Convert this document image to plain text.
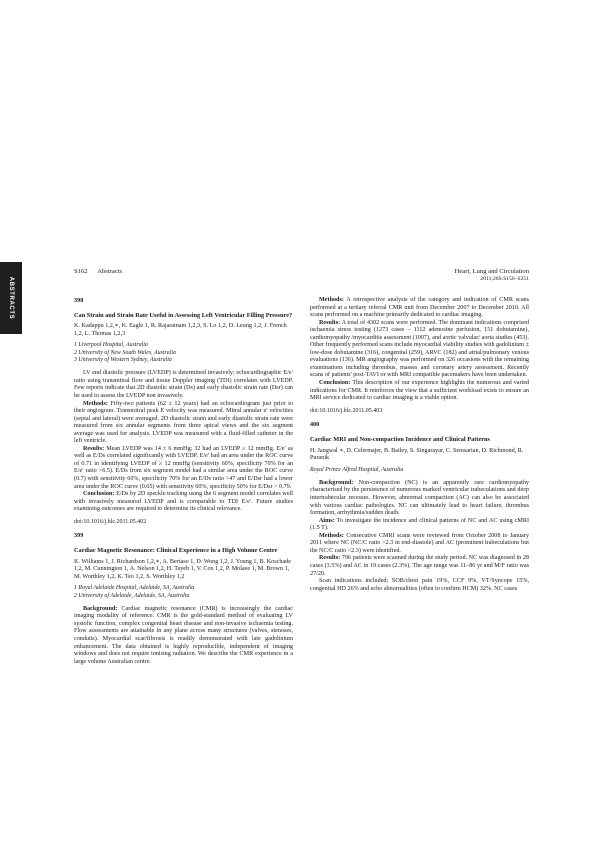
ABSTRACTS
S162 Abstracts	Heart, Lung and Circulation
2011;20S:S156–S251
398
Can Strain and Strain Rate Useful in Assessing Left Ventricular Filling Pressure?
K. Kadappu 1,2,∗, K. Eagle 1, R. Rajaratnam 1,2,3, S. Lo 1,2, D. Leung 1,2, J. French 1,2, L. Thomas 1,2,3

1 Liverpool Hospital, Australia

2 University of New South Wales, Australia

3 University of Western Sydney, Australia

LV end diastolic pressure (LVEDP) is determined invasively; echocardiographic E/e′ ratio using transmitral flow and tissue Doppler imaging (TDI) correlates with LVEDP. Few reports indicate that 2D diastolic strain (Ds) and early diastolic strain rate (Dsr) can be used to assess the LVEDP non invasively.

Methods: Fifty-two patients (62 ± 12 years) had an echocardiogram just prior to their angiogram. Transmitral peak E velocity was measured. Mitral annular e′ velocities (septal and lateral) were averaged. 2D diastolic strain and early diastolic strain rate were measured from six annular segments from three apical views and the six segment average was used for analysis. LVEDP was measured with a fluid-filled catheter in the left ventricle.

Results: Mean LVEDP was 14 ± 6 mmHg; 32 had an LVEDP ≥ 12 mmHg. E/e′ as well as E/Ds correlated significantly with LVEDP. E/e′ had an area under the ROC curve of 0.71 in identifying LVEDP of ≥ 12 mmHg (sensitivity 60%, specificity 70% for an E/e′ ratio >6.5). E/Ds from six segment model had a similar area under the ROC curve (0.7) with sensitivity 60%, specificity 70% for an E/Ds ratio >47 and E/Dsr had a lower area under the ROC curve (0.65) with sensitivity 60%, specificity 50% for E/Dsr > 0.79.

Conclusion: E/Ds by 2D speckle tracking using the 6 segment model correlates well with invasively measured LVEDP and is comparable to TDI E/e′. Future studies examining outcomes are required to determine its clinical relevance.

doi:10.1016/j.hlc.2011.05.402
399
Cardiac Magnetic Resonance: Clinical Experience in a High Volume Centre
K. Williams 1, J. Richardson 1,2,∗, A. Bertaso 1, D. Wong 1,2, J. Young 1, B. Koschade 1,2, M. Cunnington 1, A. Nelson 1,2, H. Tayeb 1, V. Cox 1,2, P. Molaee 1, M. Brown 1, M. Worthley 1,2, K. Teo 1,2, S. Worthley 1,2

1 Royal Adelaide Hospital, Adelaide, SA, Australia

2 University of Adelaide, Adelaide, SA, Australia

Background: Cardiac magnetic resonance (CMR) is increasingly the cardiac imaging modality of reference. CMR is the gold-standard method of evaluating LV systolic function, complex congenital heart disease and non-invasive ischaemia testing. Flow assessments are attainable in any plane across many structures (valves, stenoses, conduits). Myocardial scar/fibrosis is readily demonstrated with late gadolinium enhancement. The data obtained is highly reproducible, independent of imaging windows and does not require ionising radiation. We describe the CMR experience in a large volume Australian centre.

Methods: A retrospective analysis of the category and indication of CMR scans performed at a tertiary referral CMR unit from December 2007 to December 2010. All scans performed on a machine primarily dedicated to cardiac imaging.

Results: A total of 4302 scans were performed. The dominant indications comprised ischaemia stress testing (1273 cases – 1112 adenosine perfusion, 151 dobutamine), cardiomyopathy /myocarditis assessment (1007), and aortic valvular/ aorta studies (453). Other frequently performed scans include myocardial viability studies with gadolinium ± low-dose dobutamine (316), congenital (259), ARVC (182) and atrial/pulmonary venous evaluations (136). MR angiography was performed on 326 occasions with the remaining examinations including thrombus, masses and coronary artery assessment. Recently scans of patients' post-TAVI or with MRI compatible pacemakers have been undertaken.

Conclusion: This description of our experience highlights the numerous and varied indications for CMR. It reinforces the view that a sufficient workload exists to ensure an MRI service dedicated to cardiac imaging is a viable option.

doi:10.1016/j.hlc.2011.05.403
400
Cardiac MRI and Non-compaction Incidence and Clinical Patterns
H. Jangwal ∗, D. Celermajer, B. Bailey, S. Singarayar, C. Semsarian, D. Richmond, R. Puranik

Royal Prince Alfred Hospital, Australia

Background: Non-compaction (NC) is an apparently rare cardiomyopathy characterised by the persistence of numerous marked ventricular trabeculations and deep intertrabecular recesses. However, abnormal compaction (AC) can also be associated with various cardiac pathologies. NC can ultimately lead to heart failure, thrombus formation, arrhythmia/sudden death.

Aims: To investigate the incidence and clinical patterns of NC and AC using cMRI (1.5 T).

Methods: Consecutive CMRI scans were reviewed from October 2008 to January 2011 where NC (NC/C ratio >2.3 in end-diastole) and AC (prominent trabeculations but the NC/C ratio <2.3) were identified.

Results: 796 patients were scanned during the study period. NC was diagnosed in 28 cases (3.5%) and AC in 19 cases (2.3%). The age range was 11–86 yr and M/F ratio was 27/20.

Scan indications included; SOB/chest pain 19%, CCF 9%, VT/Syncope 15%, congenital HD 26% and echo abnormalities (often to confirm HCM) 32%. NC cases
